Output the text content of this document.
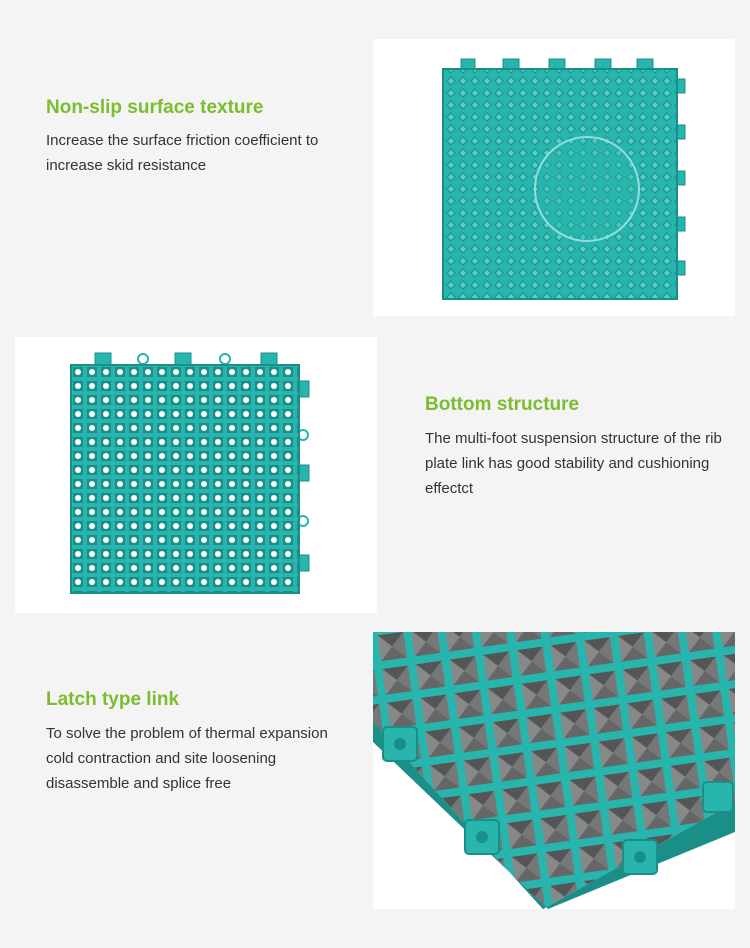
Non-slip surface texture

Increase the surface friction coefficient to increase skid resistance

Bottom structure

The multi-foot suspension structure of the rib plate link has good stability and cushioning effectct

Latch type link

To solve the problem of thermal expansion cold contraction and site loosening disassemble and splice free
